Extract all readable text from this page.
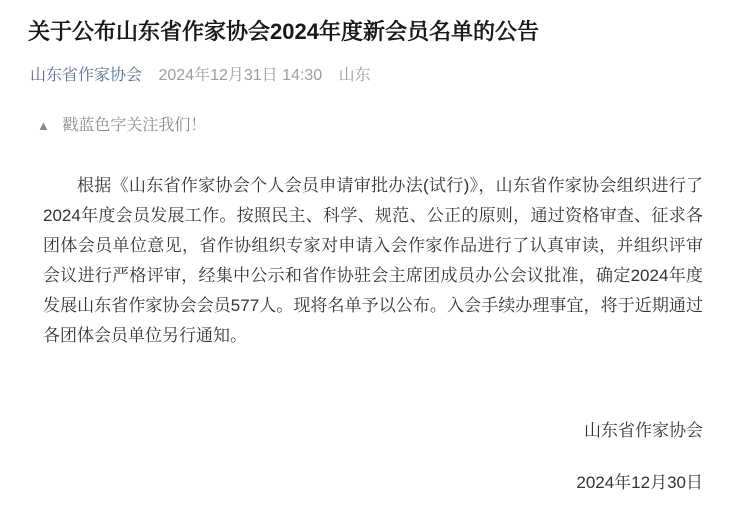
关于公布山东省作家协会2024年度新会员名单的公告
山东省作家协会 2024年12月31日 14:30 山东
▲ 戳蓝色字关注我们！

根据《山东省作家协会个人会员申请审批办法(试行)》，山东省作家协会组织进行了2024年度会员发展工作。按照民主、科学、规范、公正的原则，通过资格审查、征求各团体会员单位意见，省作协组织专家对申请入会作家作品进行了认真审读，并组织评审会议进行严格评审，经集中公示和省作协驻会主席团成员办公会议批准，确定2024年度发展山东省作家协会会员577人。现将名单予以公布。入会手续办理事宜，将于近期通过各团体会员单位另行通知。

山东省作家协会
2024年12月30日
